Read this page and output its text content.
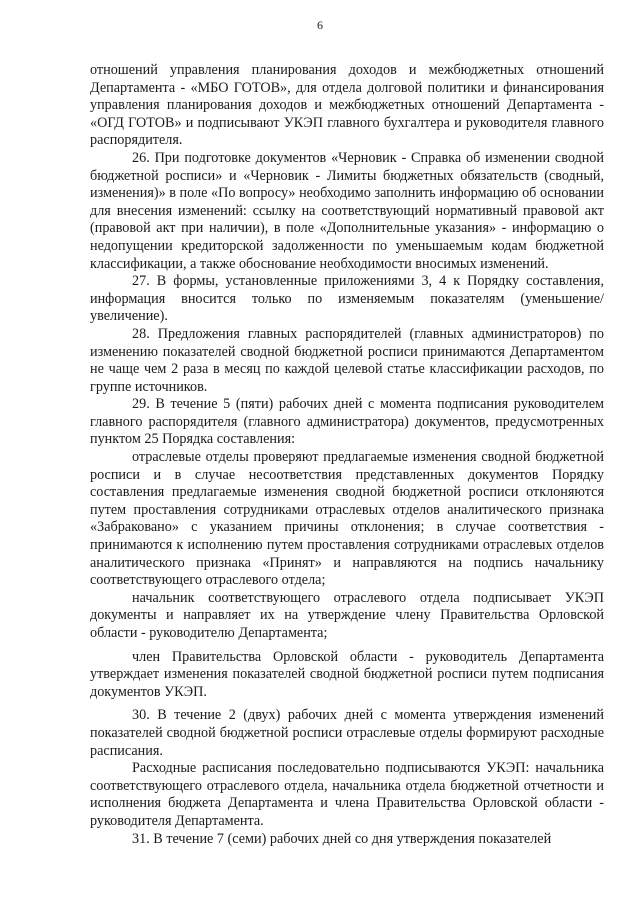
6

отношений управления планирования доходов и межбюджетных отношений Департамента - «МБО ГОТОВ», для отдела долговой политики и финансирования управления планирования доходов и межбюджетных отношений Департамента - «ОГД ГОТОВ» и подписывают УКЭП главного бухгалтера и руководителя главного распорядителя.

26. При подготовке документов «Черновик - Справка об изменении сводной бюджетной росписи» и «Черновик - Лимиты бюджетных обязательств (сводный, изменения)» в поле «По вопросу» необходимо заполнить информацию об основании для внесения изменений: ссылку на соответствующий нормативный правовой акт (правовой акт при наличии), в поле «Дополнительные указания» - информацию о недопущении кредиторской задолженности по уменьшаемым кодам бюджетной классификации, а также обоснование необходимости вносимых изменений.

27. В формы, установленные приложениями 3, 4 к Порядку составления, информация вносится только по изменяемым показателям (уменьшение/увеличение).

28. Предложения главных распорядителей (главных администраторов) по изменению показателей сводной бюджетной росписи принимаются Департаментом не чаще чем 2 раза в месяц по каждой целевой статье классификации расходов, по группе источников.

29. В течение 5 (пяти) рабочих дней с момента подписания руководителем главного распорядителя (главного администратора) документов, предусмотренных пунктом 25 Порядка составления:

отраслевые отделы проверяют предлагаемые изменения сводной бюджетной росписи и в случае несоответствия представленных документов Порядку составления предлагаемые изменения сводной бюджетной росписи отклоняются путем проставления сотрудниками отраслевых отделов аналитического признака «Забраковано» с указанием причины отклонения; в случае соответствия - принимаются к исполнению путем проставления сотрудниками отраслевых отделов аналитического признака «Принят» и направляются на подпись начальнику соответствующего отраслевого отдела;

начальник соответствующего отраслевого отдела подписывает УКЭП документы и направляет их на утверждение члену Правительства Орловской области - руководителю Департамента;

член Правительства Орловской области - руководитель Департамента утверждает изменения показателей сводной бюджетной росписи путем подписания документов УКЭП.

30. В течение 2 (двух) рабочих дней с момента утверждения изменений показателей сводной бюджетной росписи отраслевые отделы формируют расходные расписания.

Расходные расписания последовательно подписываются УКЭП: начальника соответствующего отраслевого отдела, начальника отдела бюджетной отчетности и исполнения бюджета Департамента и члена Правительства Орловской области - руководителя Департамента.

31. В течение 7 (семи) рабочих дней со дня утверждения показателей
